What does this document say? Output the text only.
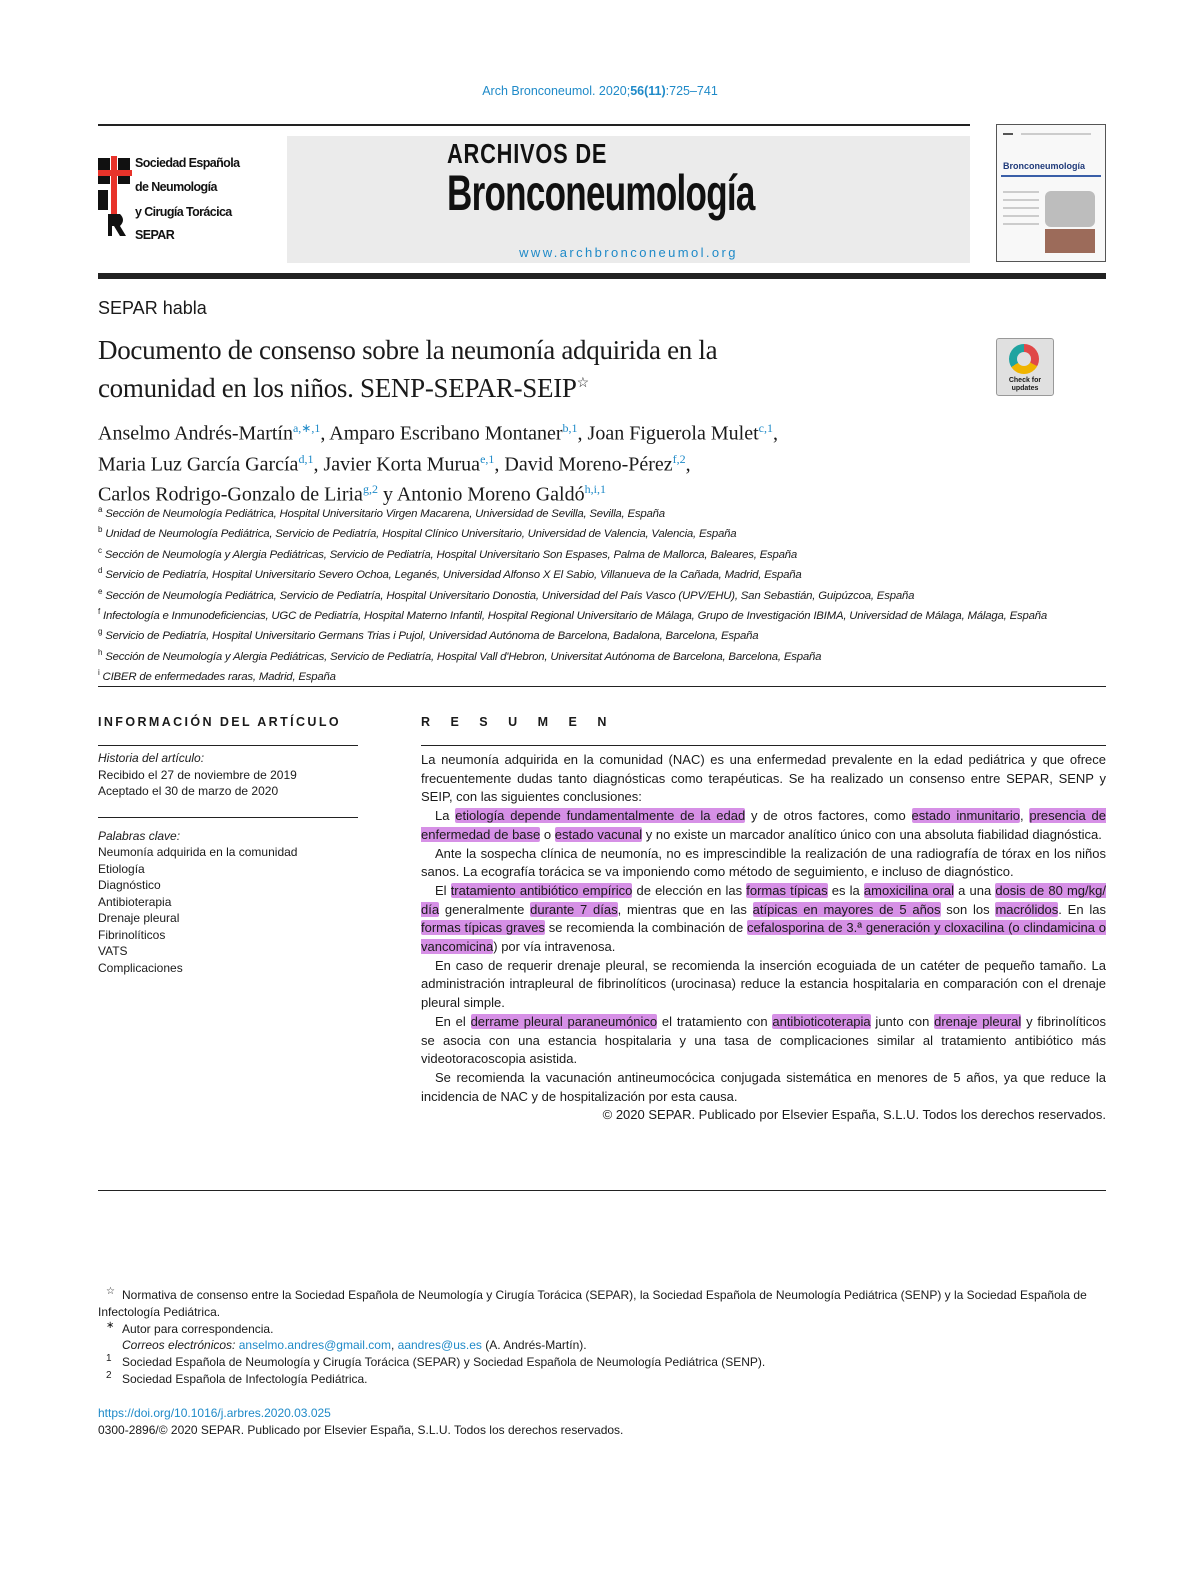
Arch Bronconeumol. 2020;56(11):725–741
Sociedad Española
de Neumología
y Cirugía Torácica
SEPAR
ARCHIVOS DE
Bronconeumología
www.archbronconeumol.org
Bronconeumología
SEPAR habla
Documento de consenso sobre la neumonía adquirida en la
comunidad en los niños. SENP-SEPAR-SEIP☆	Check for updates
Anselmo Andrés-Martín$^{a,∗,1}$, Amparo Escribano Montaner$^{b,1}$, Joan Figuerola Mulet$^{c,1}$,
Maria Luz García García$^{d,1}$, Javier Korta Murua$^{e,1}$, David Moreno-Pérez$^{f,2}$,
Carlos Rodrigo-Gonzalo de Liria$^{g,2}$ y Antonio Moreno Galdó$^{h,i,1}$
$^a$ Sección de Neumología Pediátrica, Hospital Universitario Virgen Macarena, Universidad de Sevilla, Sevilla, España
$^b$ Unidad de Neumología Pediátrica, Servicio de Pediatría, Hospital Clínico Universitario, Universidad de Valencia, Valencia, España
$^c$ Sección de Neumología y Alergia Pediátricas, Servicio de Pediatría, Hospital Universitario Son Espases, Palma de Mallorca, Baleares, España
$^d$ Servicio de Pediatría, Hospital Universitario Severo Ochoa, Leganés, Universidad Alfonso X El Sabio, Villanueva de la Cañada, Madrid, España
$^e$ Sección de Neumología Pediátrica, Servicio de Pediatría, Hospital Universitario Donostia, Universidad del País Vasco (UPV/EHU), San Sebastián, Guipúzcoa, España
$^f$ Infectología e Inmunodeficiencias, UGC de Pediatría, Hospital Materno Infantil, Hospital Regional Universitario de Málaga, Grupo de Investigación IBIMA, Universidad de Málaga, Málaga, España
$^g$ Servicio de Pediatría, Hospital Universitario Germans Trias i Pujol, Universidad Autónoma de Barcelona, Badalona, Barcelona, España
$^h$ Sección de Neumología y Alergia Pediátricas, Servicio de Pediatría, Hospital Vall d'Hebron, Universitat Autónoma de Barcelona, Barcelona, España
$^i$ CIBER de enfermedades raras, Madrid, España
INFORMACIÓN DEL ARTÍCULO
Historia del artículo:
Recibido el 27 de noviembre de 2019
Aceptado el 30 de marzo de 2020
Palabras clave:
Neumonía adquirida en la comunidad
Etiología
Diagnóstico
Antibioterapia
Drenaje pleural
Fibrinolíticos
VATS
Complicaciones
R E S U M E N

La neumonía adquirida en la comunidad (NAC) es una enfermedad prevalente en la edad pediátrica y que ofrece frecuentemente dudas tanto diagnósticas como terapéuticas. Se ha realizado un consenso entre SEPAR, SENP y SEIP, con las siguientes conclusiones:

La etiología depende fundamentalmente de la edad y de otros factores, como estado inmunitario, presencia de enfermedad de base o estado vacunal y no existe un marcador analítico único con una absoluta fiabilidad diagnóstica.

Ante la sospecha clínica de neumonía, no es imprescindible la realización de una radiografía de tórax en los niños sanos. La ecografía torácica se va imponiendo como método de seguimiento, e incluso de diagnóstico.

El tratamiento antibiótico empírico de elección en las formas típicas es la amoxicilina oral a una dosis de 80 mg/kg/ día generalmente durante 7 días, mientras que en las atípicas en mayores de 5 años son los macrólidos. En las formas típicas graves se recomienda la combinación de cefalosporina de 3.ª generación y cloxacilina (o clindamicina o vancomicina) por vía intravenosa.

En caso de requerir drenaje pleural, se recomienda la inserción ecoguiada de un catéter de pequeño tamaño. La administración intrapleural de fibrinolíticos (urocinasa) reduce la estancia hospitalaria en comparación con el drenaje pleural simple.

En el derrame pleural paraneumónico el tratamiento con antibioticoterapia junto con drenaje pleural y fibrinolíticos se asocia con una estancia hospitalaria y una tasa de complicaciones similar al tratamiento antibiótico más videotoracoscopia asistida.

Se recomienda la vacunación antineumocócica conjugada sistemática en menores de 5 años, ya que reduce la incidencia de NAC y de hospitalización por esta causa.

© 2020 SEPAR. Publicado por Elsevier España, S.L.U. Todos los derechos reservados.

☆ Normativa de consenso entre la Sociedad Española de Neumología y Cirugía Torácica (SEPAR), la Sociedad Española de Neumología Pediátrica (SENP) y la Sociedad Española de Infectología Pediátrica.
∗ Autor para correspondencia.
Correos electrónicos: anselmo.andres@gmail.com, aandres@us.es (A. Andrés-Martín).
1 Sociedad Española de Neumología y Cirugía Torácica (SEPAR) y Sociedad Española de Neumología Pediátrica (SENP).
2 Sociedad Española de Infectología Pediátrica.
https://doi.org/10.1016/j.arbres.2020.03.025
0300-2896/© 2020 SEPAR. Publicado por Elsevier España, S.L.U. Todos los derechos reservados.
